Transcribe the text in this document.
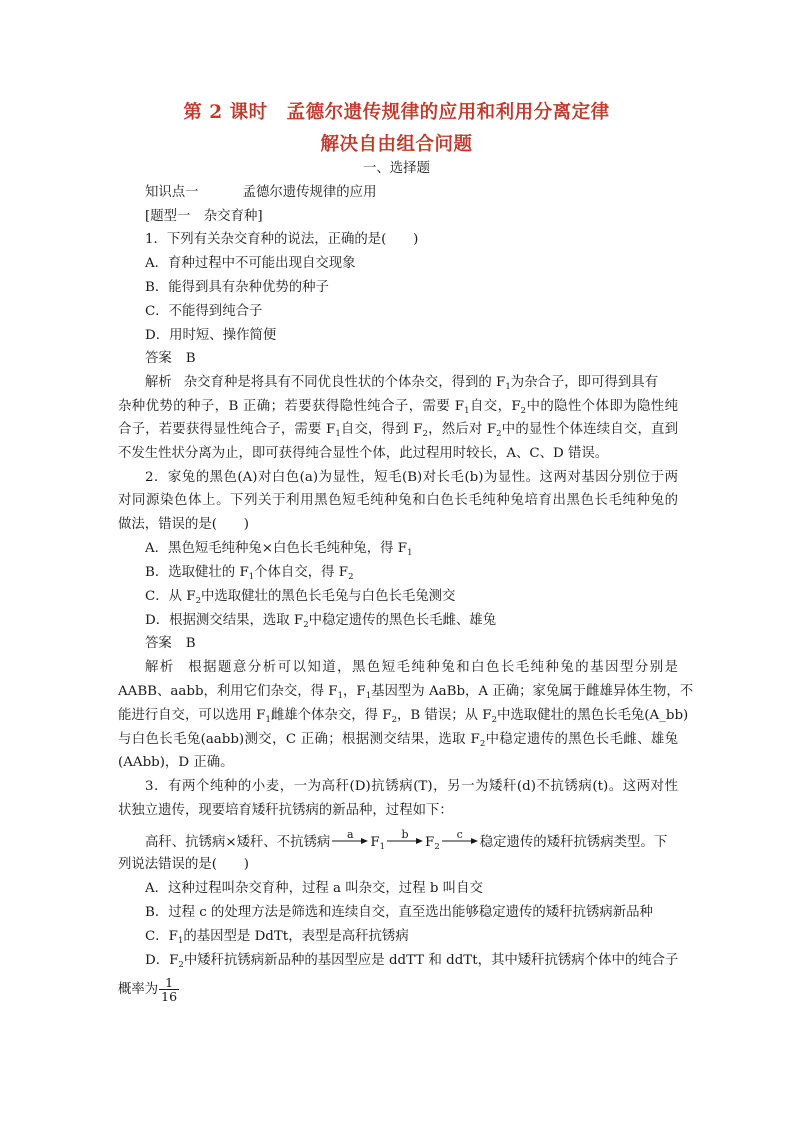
第 2 课时　孟德尔遗传规律的应用和利用分离定律
解决自由组合问题
一、选择题
知识点一	孟德尔遗传规律的应用
[题型一　杂交育种]
1．下列有关杂交育种的说法，正确的是(　　)
A．育种过程中不可能出现自交现象
B．能得到具有杂种优势的种子
C．不能得到纯合子
D．用时短、操作简便
答案 B
解析 杂交育种是将具有不同优良性状的个体杂交，得到的 $F_1$为杂合子，即可得到具有
杂种优势的种子，B 正确；若要获得隐性纯合子，需要 $F_1$自交，$F_2$中的隐性个体即为隐性纯
合子，若要获得显性纯合子，需要 $F_1$自交，得到 $F_2$，然后对 $F_2$中的显性个体连续自交，直到
不发生性状分离为止，即可获得纯合显性个体，此过程用时较长，A、C、D 错误。
2．家兔的黑色(A)对白色(a)为显性，短毛(B)对长毛(b)为显性。这两对基因分别位于两
对同源染色体上。下列关于利用黑色短毛纯种兔和白色长毛纯种兔培育出黑色长毛纯种兔的
做法，错误的是(　　)
A．黑色短毛纯种兔×白色长毛纯种兔，得 $F_1$
B．选取健壮的 $F_1$个体自交，得 $F_2$
C．从 $F_2$中选取健壮的黑色长毛兔与白色长毛兔测交
D．根据测交结果，选取 $F_2$中稳定遗传的黑色长毛雌、雄兔
答案 B
解析 根据题意分析可以知道，黑色短毛纯种兔和白色长毛纯种兔的基因型分别是
AABB、aabb，利用它们杂交，得 $F_1$，$F_1$基因型为 AaBb，A 正确；家兔属于雌雄异体生物，不
能进行自交，可以选用 $F_1$雌雄个体杂交，得 $F_2$，B 错误；从 $F_2$中选取健壮的黑色长毛兔(A_bb)
与白色长毛兔(aabb)测交，C 正确；根据测交结果，选取 $F_2$中稳定遗传的黑色长毛雌、雄兔
(AAbb)，D 正确。
3．有两个纯种的小麦，一为高秆(D)抗锈病(T)，另一为矮秆(d)不抗锈病(t)。这两对性
状独立遗传，现要培育矮秆抗锈病的新品种，过程如下：
高秆、抗锈病×矮秆、不抗锈病
a
$F_1$
b
$F_2$
c
稳定遗传的矮秆抗锈病类型。下
列说法错误的是(　　)
A．这种过程叫杂交育种，过程 a 叫杂交，过程 b 叫自交
B．过程 c 的处理方法是筛选和连续自交，直至选出能够稳定遗传的矮秆抗锈病新品种
C．$F_1$的基因型是 DdTt，表型是高秆抗锈病
D．$F_2$中矮秆抗锈病新品种的基因型应是 ddTT 和 ddTt，其中矮秆抗锈病个体中的纯合子
概率为 $\frac{1}{16}$
